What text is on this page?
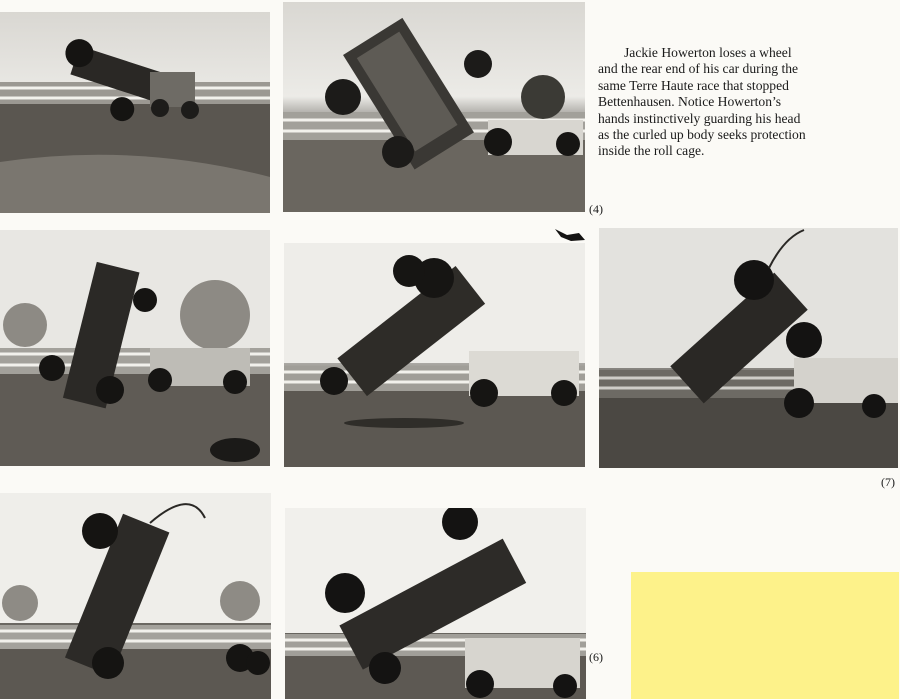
Jackie Howerton loses a wheel and the rear end of his car during the same Terre Haute race that stopped Bettenhausen. Notice Howerton’s hands instinctively guarding his head as the curled up body seeks protection inside the roll cage.

(4)
(7)
(6)
